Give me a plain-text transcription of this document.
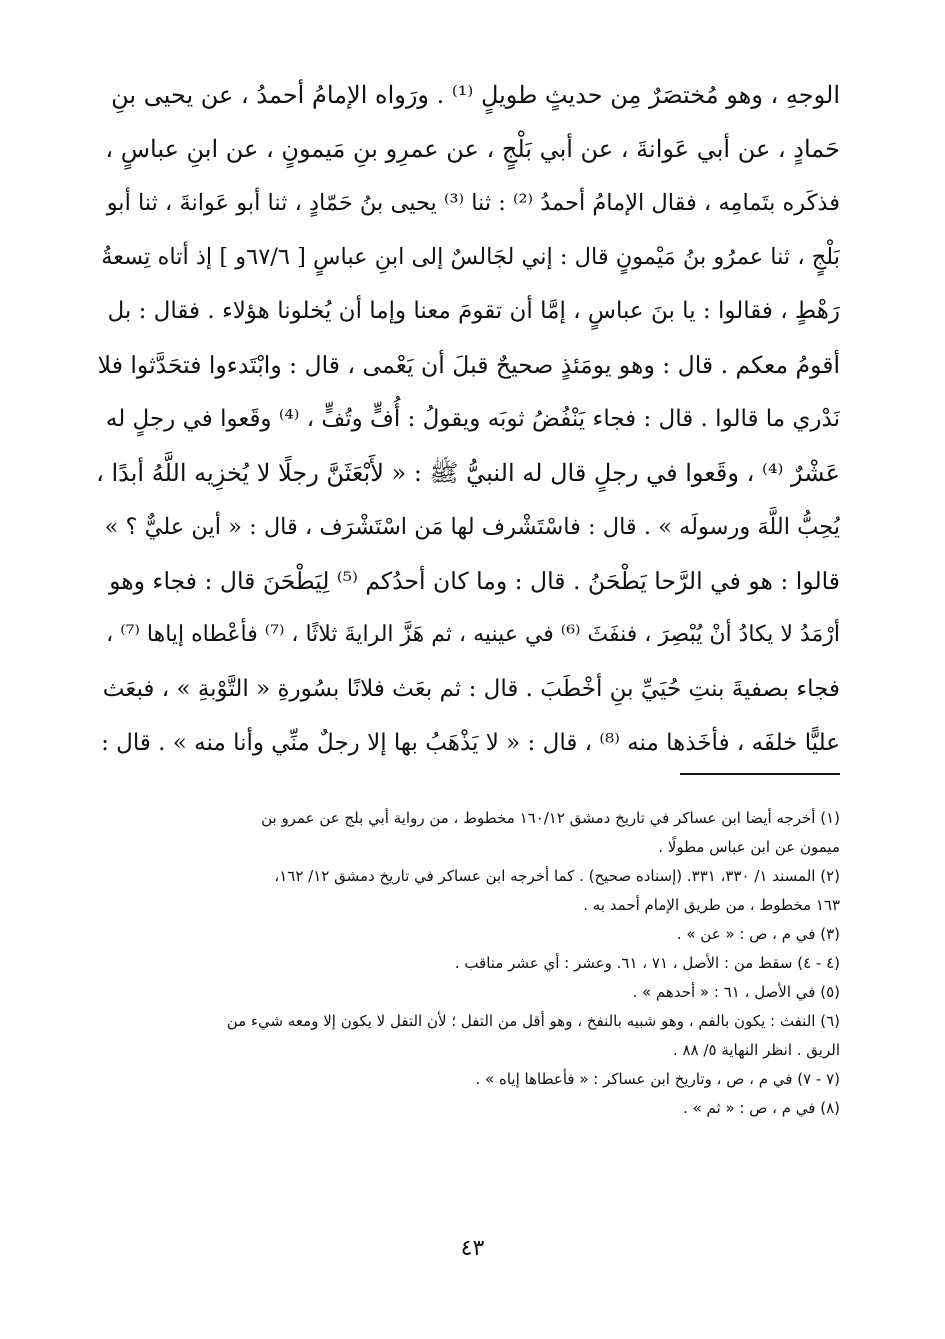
الوجهِ ، وهو مُختصَرٌ مِن حديثٍ طويلٍ ⁽¹⁾ . ورَواه الإمامُ أحمدُ ، عن يحيى بنِ
حَمادٍ ، عن أبي عَوانةَ ، عن أبي بَلْجٍ ، عن عمرِو بنِ مَيمونٍ ، عن ابنِ عباسٍ ،
فذكَره بتَمامِه ، فقال الإمامُ أحمدُ ⁽²⁾ : ثنا ⁽³⁾ يحيى بنُ حَمّادٍ ، ثنا أبو عَوانةَ ، ثنا أبو
بَلْجٍ ، ثنا عمرُو بنُ مَيْمونٍ قال : إني لجَالسٌ إلى ابنِ عباسٍ [ ٦٧/٦و ] إذ أتاه تِسعةُ
رَهْطٍ ، فقالوا : يا بنَ عباسٍ ، إمَّا أن تقومَ معنا وإما أن يُخلونا هؤلاء . فقال : بل
أقومُ معكم . قال : وهو يومَئذٍ صحيحٌ قبلَ أن يَعْمى ، قال : وابْتَدءوا فتحَدَّثوا فلا
نَدْري ما قالوا . قال : فجاء يَنْفُضُ ثوبَه ويقولُ : أُفٍّ وتُفٍّ ، ⁽⁴⁾ وقَعوا في رجلٍ له
عَشْرٌ ⁽⁴⁾ ، وقَعوا في رجلٍ قال له النبيُّ ﷺ : « لأَبْعَثَنَّ رجلًا لا يُخزِيه اللَّهُ أبدًا ،
يُحِبُّ اللَّهَ ورسولَه » . قال : فاسْتَشْرف لها مَن اسْتَشْرَف ، قال : « أين عليٌّ ؟ »
قالوا : هو في الرَّحا يَطْحَنُ . قال : وما كان أحدُكم ⁽⁵⁾ لِيَطْحَنَ قال : فجاء وهو
أرْمَدُ لا يكادُ أنْ يُبْصِرَ ، فنفَثَ ⁽⁶⁾ في عينيه ، ثم هَزَّ الرايةَ ثلاثًا ، ⁽⁷⁾ فأعْطاه إياها ⁽⁷⁾ ،
فجاء بصفيةَ بنتِ حُيَيِّ بنِ أخْطَبَ . قال : ثم بعَث فلانًا بسُورةِ « التَّوْبةِ » ، فبعَث
عليًّا خلفَه ، فأخَذها منه ⁽⁸⁾ ، قال : « لا يَذْهَبُ بها إلا رجلٌ منِّي وأنا منه » . قال :
(١) أخرجه أيضا ابن عساكر في تاريخ دمشق ١٦٠/١٢ مخطوط ، من رواية أبي بلج عن عمرو بن
ميمون عن ابن عباس مطولًا .
(٢) المسند ١/ ٣٣٠، ٣٣١. (إسناده صحيح) . كما أخرجه ابن عساكر في تاريخ دمشق ١٢/ ١٦٢،
١٦٣ مخطوط ، من طريق الإمام أحمد به .
(٣) في م ، ص : « عن » .
(٤ - ٤) سقط من : الأصل ، ٧١ ، ٦١. وعشر : أي عشر مناقب .
(٥) في الأصل ، ٦١ : « أحدهم » .
(٦) النفث : يكون بالفم ، وهو شبيه بالنفخ ، وهو أقل من التفل ؛ لأن التفل لا يكون إلا ومعه شيء من
الريق . انظر النهاية ٥/ ٨٨ .
(٧ - ٧) في م ، ص ، وتاريخ ابن عساكر : « فأعطاها إياه » .
(٨) في م ، ص : « ثم » .
٤٣
